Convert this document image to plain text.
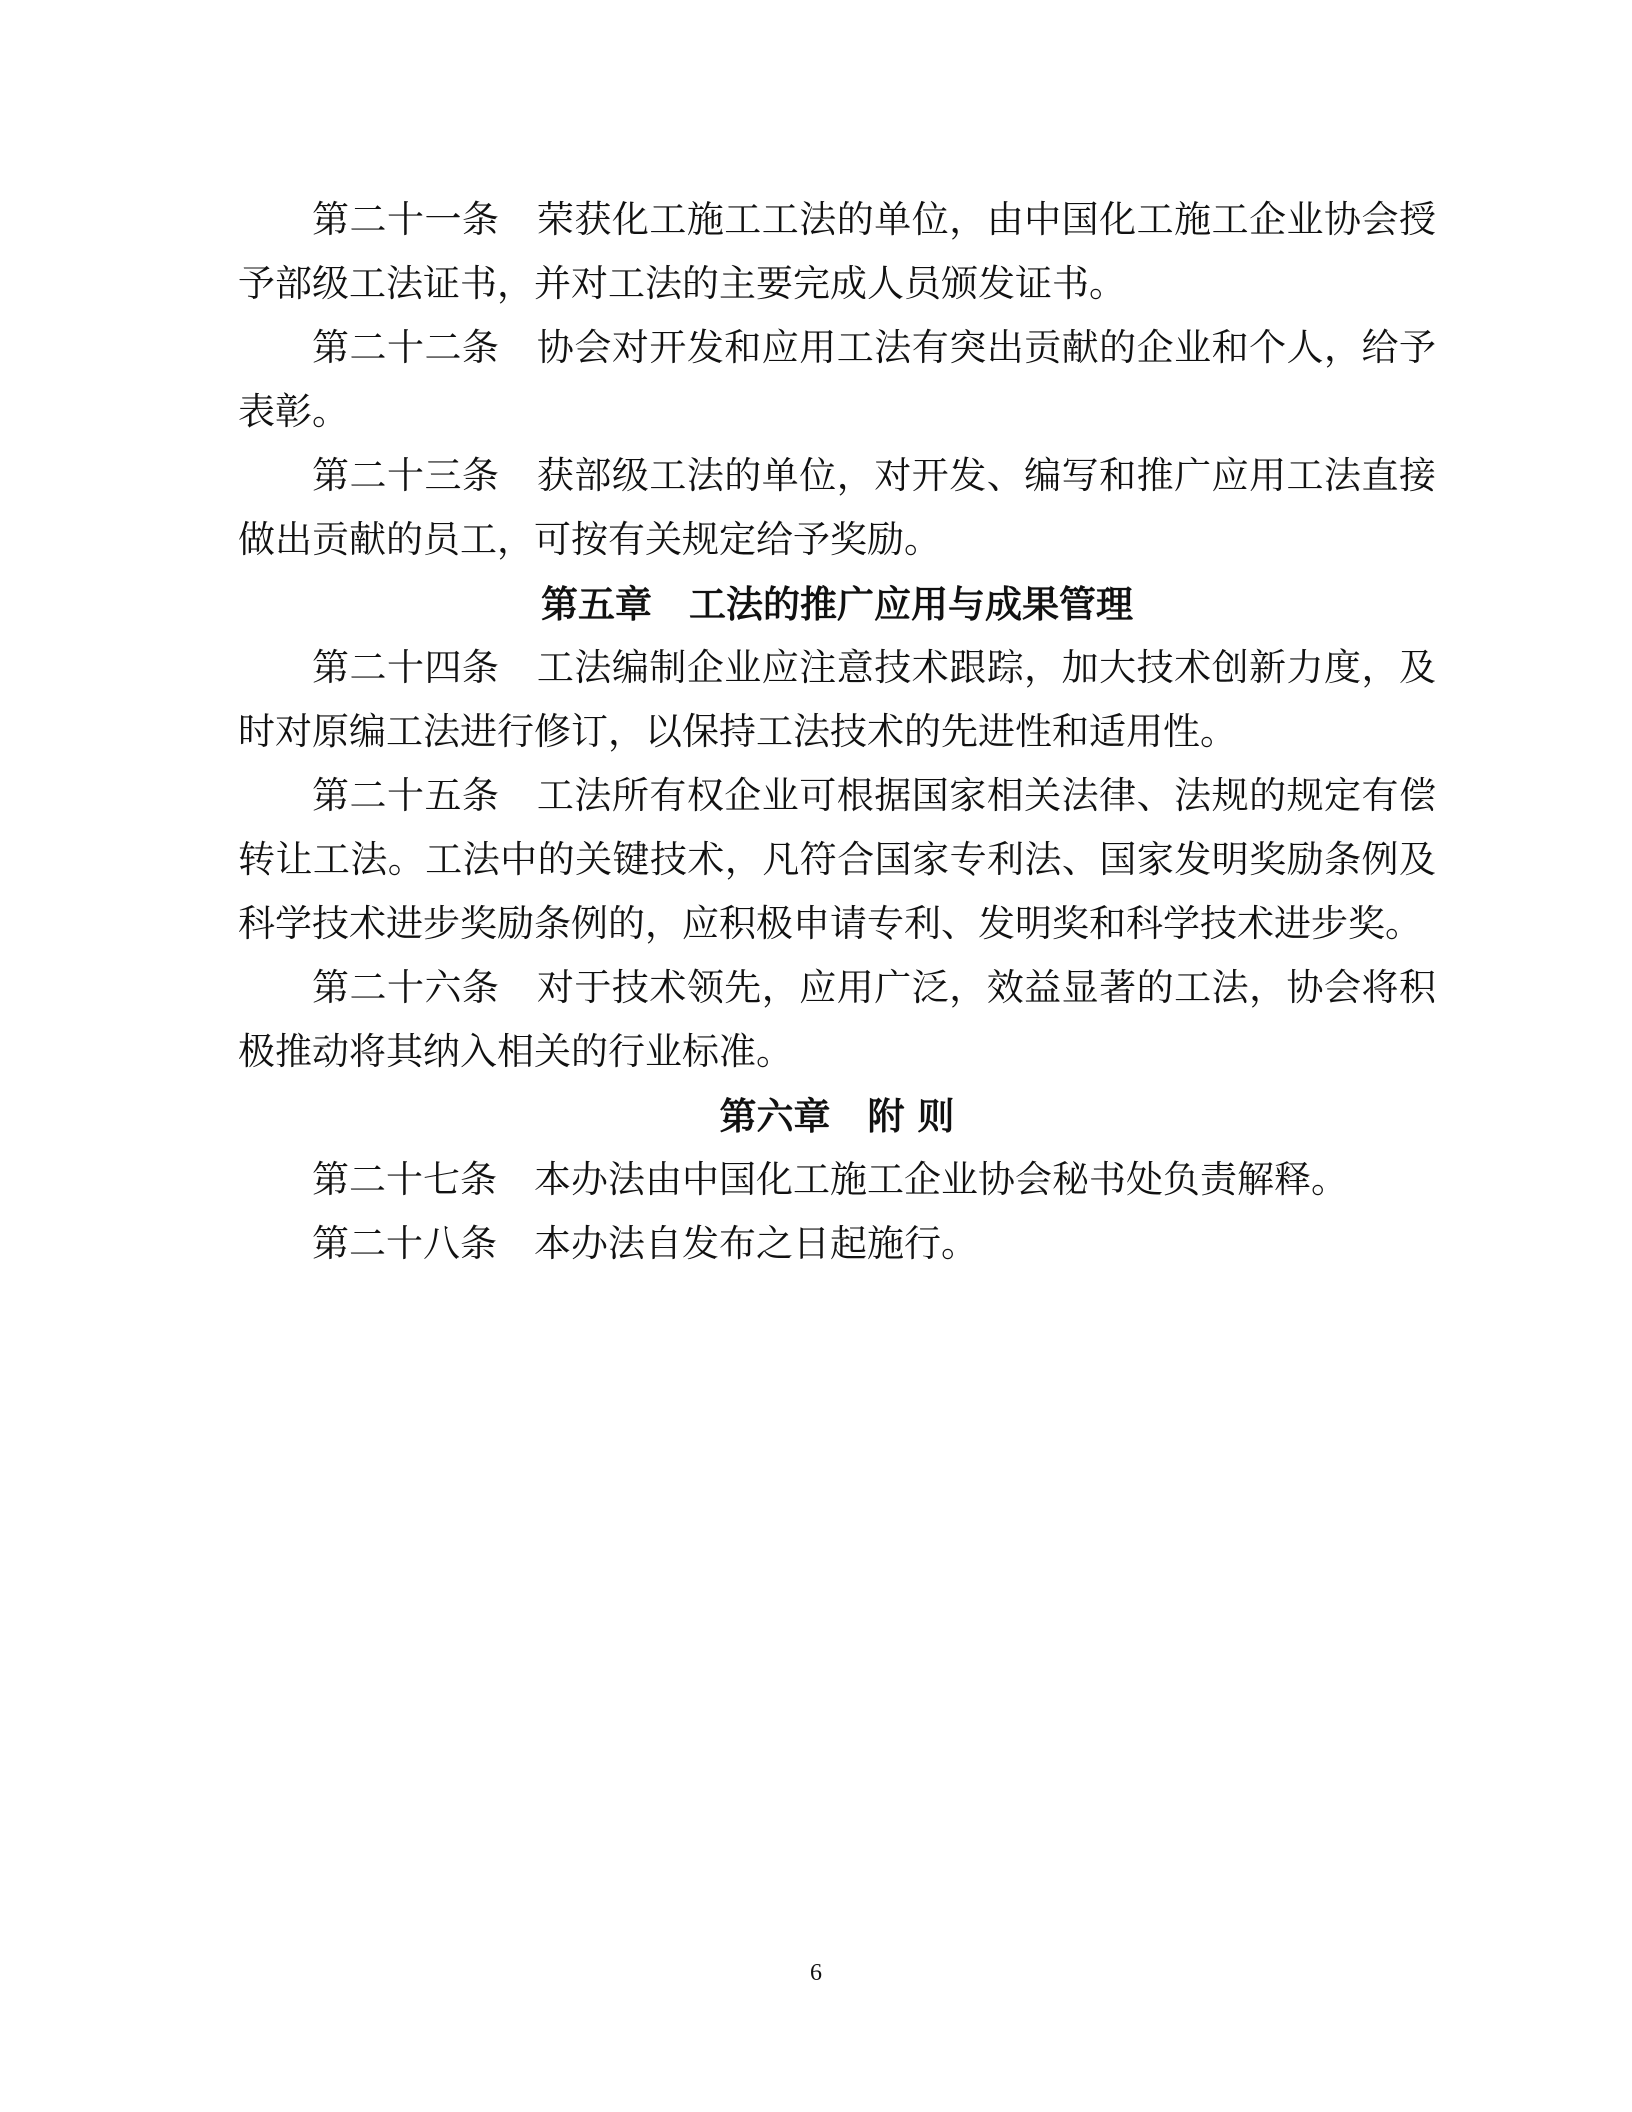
第二十一条　荣获化工施工工法的单位，由中国化工施工企业协会授予部级工法证书，并对工法的主要完成人员颁发证书。

第二十二条　协会对开发和应用工法有突出贡献的企业和个人，给予表彰。

第二十三条　获部级工法的单位，对开发、编写和推广应用工法直接做出贡献的员工，可按有关规定给予奖励。

第五章　工法的推广应用与成果管理

第二十四条　工法编制企业应注意技术跟踪，加大技术创新力度，及时对原编工法进行修订，以保持工法技术的先进性和适用性。

第二十五条　工法所有权企业可根据国家相关法律、法规的规定有偿转让工法。工法中的关键技术，凡符合国家专利法、国家发明奖励条例及科学技术进步奖励条例的，应积极申请专利、发明奖和科学技术进步奖。

第二十六条　对于技术领先，应用广泛，效益显著的工法，协会将积极推动将其纳入相关的行业标准。

第六章　附 则

第二十七条　本办法由中国化工施工企业协会秘书处负责解释。

第二十八条　本办法自发布之日起施行。

6
